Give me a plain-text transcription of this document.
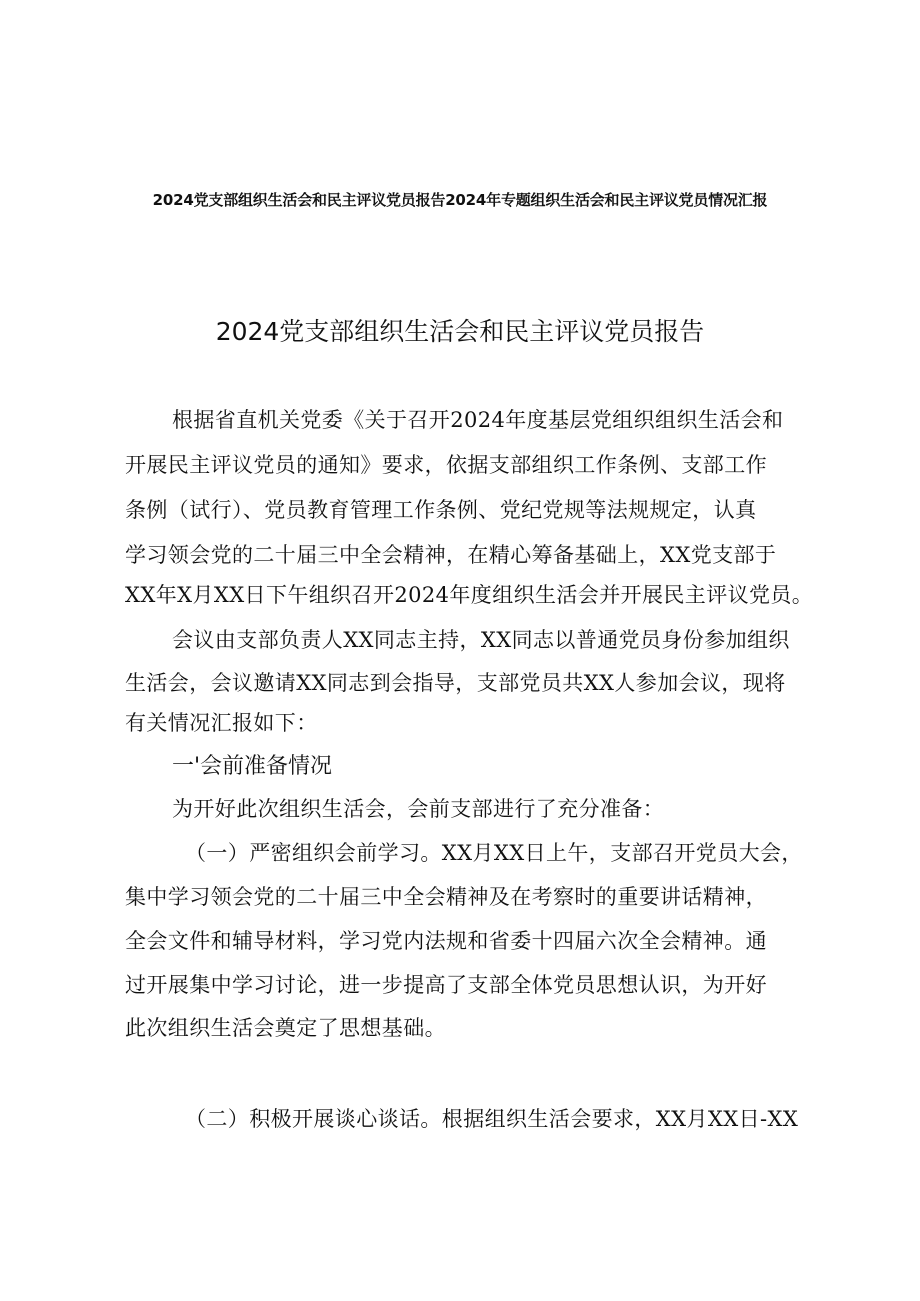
2024党支部组织生活会和民主评议党员报告2024年专题组织生活会和民主评议党员情况汇报
2024党支部组织生活会和民主评议党员报告
根据省直机关党委《关于召开2024年度基层党组织组织生活会和
开展民主评议党员的通知》要求，依据支部组织工作条例、支部工作
条例（试行）、党员教育管理工作条例、党纪党规等法规规定，认真
学习领会党的二十届三中全会精神，在精心筹备基础上，XX党支部于
XX年X月XX日下午组织召开2024年度组织生活会并开展民主评议党员。
会议由支部负责人XX同志主持，XX同志以普通党员身份参加组织
生活会，会议邀请XX同志到会指导，支部党员共XX人参加会议，现将
有关情况汇报如下：
一'会前准备情况
为开好此次组织生活会，会前支部进行了充分准备：
（一）严密组织会前学习。XX月XX日上午，支部召开党员大会，
集中学习领会党的二十届三中全会精神及在考察时的重要讲话精神，
全会文件和辅导材料，学习党内法规和省委十四届六次全会精神。通
过开展集中学习讨论，进一步提高了支部全体党员思想认识，为开好
此次组织生活会奠定了思想基础。
（二）积极开展谈心谈话。根据组织生活会要求，XX月XX日-XX
